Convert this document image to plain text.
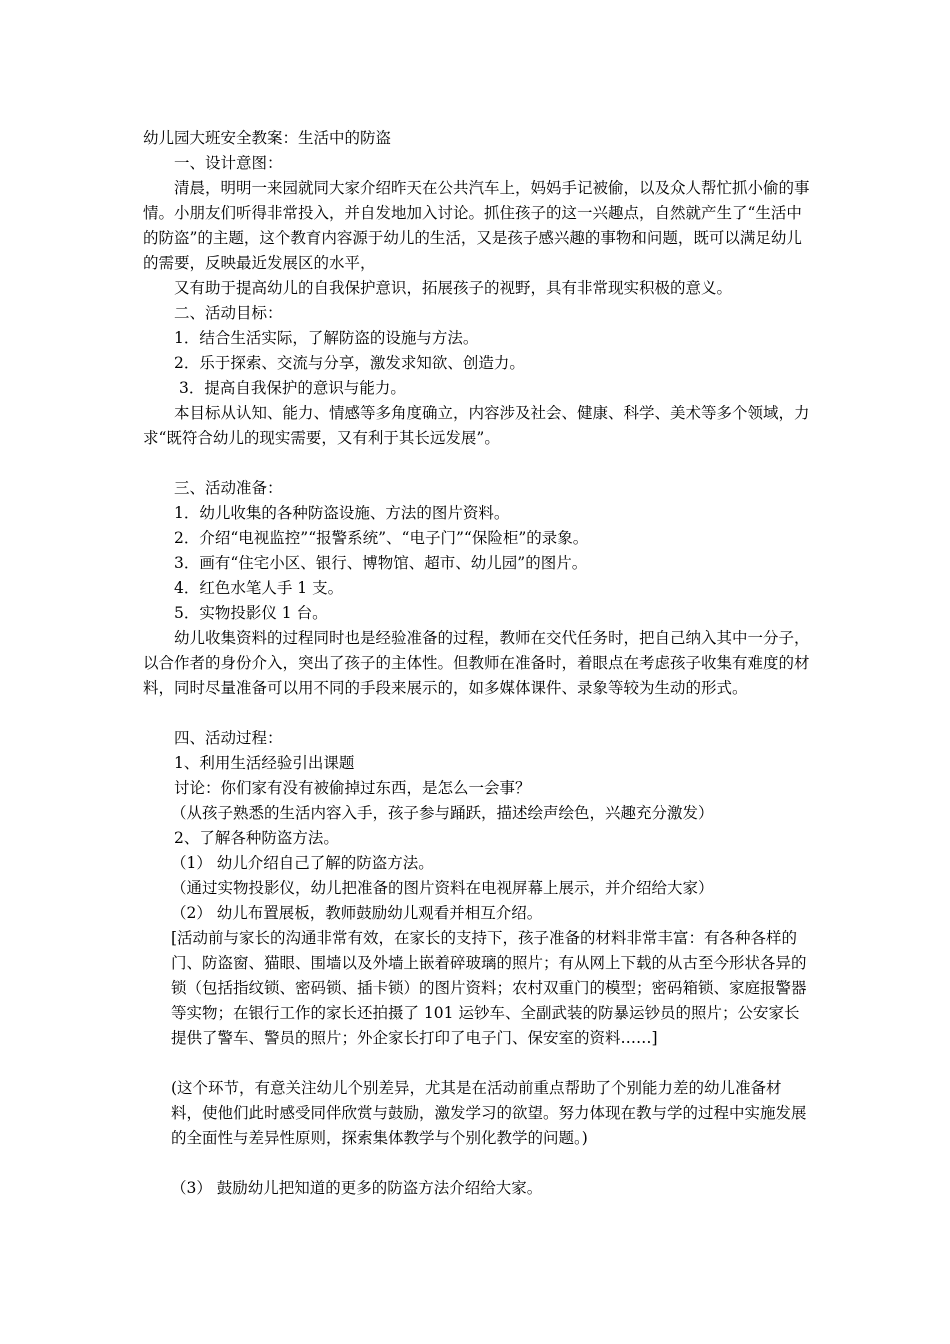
幼儿园大班安全教案：生活中的防盗

一、设计意图：

清晨，明明一来园就同大家介绍昨天在公共汽车上，妈妈手记被偷，以及众人帮忙抓小偷的事情。小朋友们听得非常投入，并自发地加入讨论。抓住孩子的这一兴趣点，自然就产生了“生活中的防盗”的主题，这个教育内容源于幼儿的生活，又是孩子感兴趣的事物和问题，既可以满足幼儿的需要，反映最近发展区的水平，

又有助于提高幼儿的自我保护意识，拓展孩子的视野，具有非常现实积极的意义。

二、活动目标：

1．结合生活实际，了解防盗的设施与方法。

2．乐于探索、交流与分享，激发求知欲、创造力。

3．提高自我保护的意识与能力。

本目标从认知、能力、情感等多角度确立，内容涉及社会、健康、科学、美术等多个领域，力求“既符合幼儿的现实需要，又有利于其长远发展”。

三、活动准备：

1．幼儿收集的各种防盗设施、方法的图片资料。

2．介绍“电视监控”“报警系统”、“电子门”“保险柜”的录象。

3．画有“住宅小区、银行、博物馆、超市、幼儿园”的图片。

4．红色水笔人手 1 支。

5．实物投影仪 1 台。

幼儿收集资料的过程同时也是经验准备的过程，教师在交代任务时，把自己纳入其中一分子，以合作者的身份介入，突出了孩子的主体性。但教师在准备时，着眼点在考虑孩子收集有难度的材料，同时尽量准备可以用不同的手段来展示的，如多媒体课件、录象等较为生动的形式。

四、活动过程：

1、利用生活经验引出课题

讨论：你们家有没有被偷掉过东西，是怎么一会事？

（从孩子熟悉的生活内容入手，孩子参与踊跃，描述绘声绘色，兴趣充分激发）

2、了解各种防盗方法。

（1） 幼儿介绍自己了解的防盗方法。

（通过实物投影仪，幼儿把准备的图片资料在电视屏幕上展示，并介绍给大家）

（2） 幼儿布置展板，教师鼓励幼儿观看并相互介绍。

[活动前与家长的沟通非常有效，在家长的支持下，孩子准备的材料非常丰富：有各种各样的门、防盗窗、猫眼、围墙以及外墙上嵌着碎玻璃的照片；有从网上下载的从古至今形状各异的锁（包括指纹锁、密码锁、插卡锁）的图片资料；农村双重门的模型；密码箱锁、家庭报警器等实物；在银行工作的家长还拍摄了 101 运钞车、全副武装的防暴运钞员的照片；公安家长提供了警车、警员的照片；外企家长打印了电子门、保安室的资料……]

(这个环节，有意关注幼儿个别差异，尤其是在活动前重点帮助了个别能力差的幼儿准备材料，使他们此时感受同伴欣赏与鼓励，激发学习的欲望。努力体现在教与学的过程中实施发展的全面性与差异性原则，探索集体教学与个别化教学的问题。)

（3） 鼓励幼儿把知道的更多的防盗方法介绍给大家。
